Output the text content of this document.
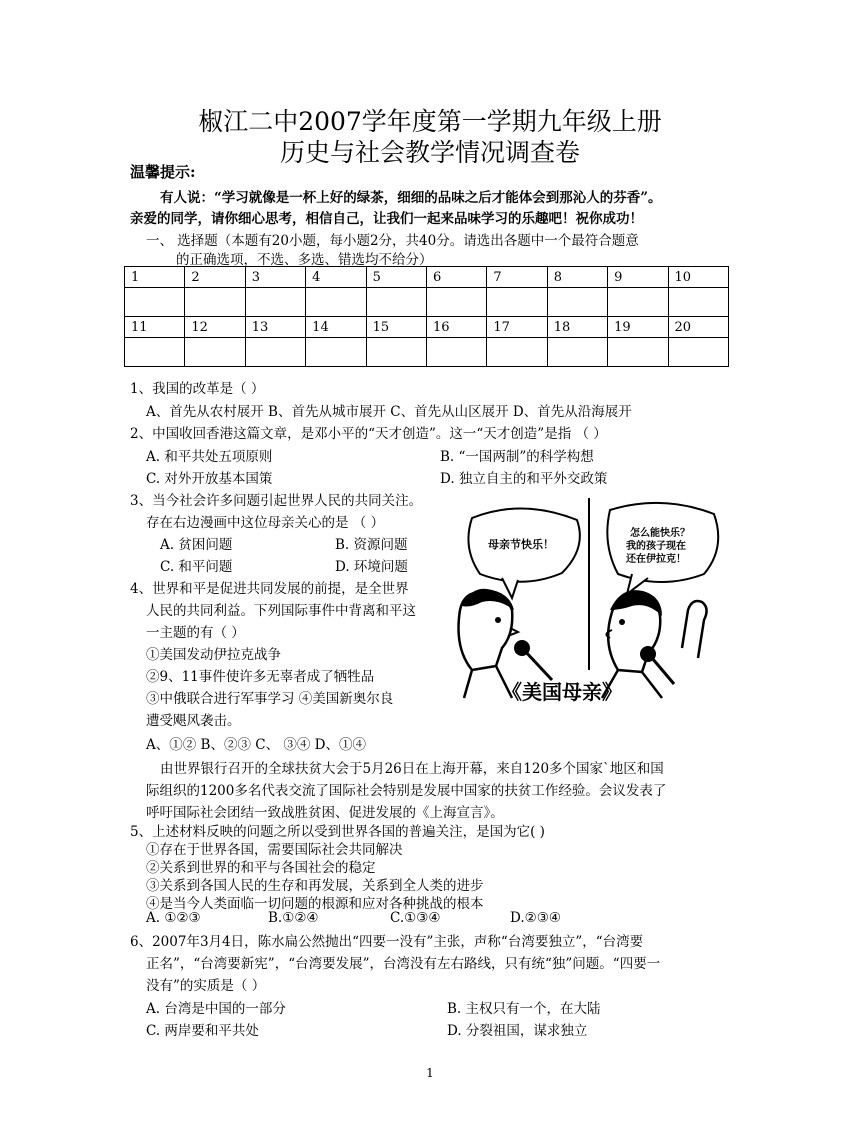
椒江二中2007学年度第一学期九年级上册
历史与社会教学情况调查卷
温馨提示:
有人说：“学习就像是一杯上好的绿茶，细细的品味之后才能体会到那沁人的芬香”。
亲爱的同学，请你细心思考，相信自己，让我们一起来品味学习的乐趣吧！祝你成功！
一、 选择题（本题有20小题，每小题2分，共40分。请选出各题中一个最符合题意
的正确选项，不选、多选、错选均不给分）
1	2	3	4	5	6	7	8	9	10

11	12	13	14	15	16	17	18	19	20

1、我国的改革是（ ）
A、首先从农村展开 B、首先从城市展开 C、首先从山区展开 D、首先从沿海展开
2、中国收回香港这篇文章，是邓小平的“天才创造”。这一“天才创造”是指 （ ）
A. 和平共处五项原则	B. “一国两制”的科学构想
C. 对外开放基本国策	D. 独立自主的和平外交政策
3、当今社会许多问题引起世界人民的共同关注。
存在右边漫画中这位母亲关心的是 （ ）
A. 贫困问题	B. 资源问题
C. 和平问题	D. 环境问题
母亲节快乐！
怎么能快乐？
我的孩子现在
还在伊拉克！
《美国母亲》
4、世界和平是促进共同发展的前提，是全世界
人民的共同利益。下列国际事件中背离和平这
一主题的有（ ）
①美国发动伊拉克战争
②9、11事件使许多无辜者成了牺牲品
③中俄联合进行军事学习 ④美国新奥尔良
遭受飓风袭击。
A、①② B、②③ C、 ③④ D、①④
由世界银行召开的全球扶贫大会于5月26日在上海开幕，来自120多个国家`地区和国
际组织的1200多名代表交流了国际社会特别是发展中国家的扶贫工作经验。会议发表了
呼吁国际社会团结一致战胜贫困、促进发展的《上海宣言》。
5、上述材料反映的问题之所以受到世界各国的普遍关注，是国为它( )
①存在于世界各国，需要国际社会共同解决
②关系到世界的和平与各国社会的稳定
③关系到各国人民的生存和再发展，关系到全人类的进步
④是当今人类面临一切问题的根源和应对各种挑战的根本
A. ①②③	B.①②④	C.①③④	D.②③④
6、2007年3月4日，陈水扁公然抛出“四要一没有”主张，声称“台湾要独立”，“台湾要
正名”，“台湾要新宪”，“台湾要发展”，台湾没有左右路线，只有统“独”问题。“四要一
没有”的实质是（ ）
A. 台湾是中国的一部分	B. 主权只有一个，在大陆
C. 两岸要和平共处	D. 分裂祖国，谋求独立
1
